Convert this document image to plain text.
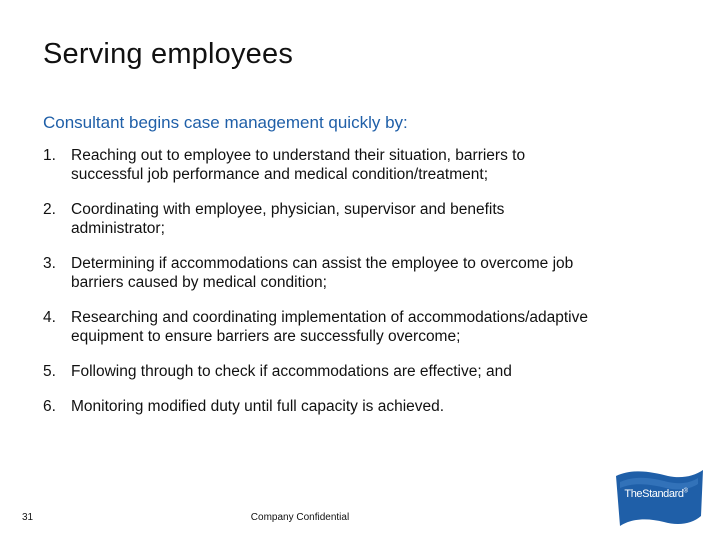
Serving employees

Consultant begins case management quickly by:

1. Reaching out to employee to understand their situation, barriers to
successful job performance and medical condition/treatment;
2. Coordinating with employee, physician, supervisor and benefits
administrator;
3. Determining if accommodations can assist the employee to overcome job
barriers caused by medical condition;
4. Researching and coordinating implementation of accommodations/adaptive
equipment to ensure barriers are successfully overcome;
5. Following through to check if accommodations are effective; and
6. Monitoring modified duty until full capacity is achieved.
31	Company Confidential
TheStandard®
